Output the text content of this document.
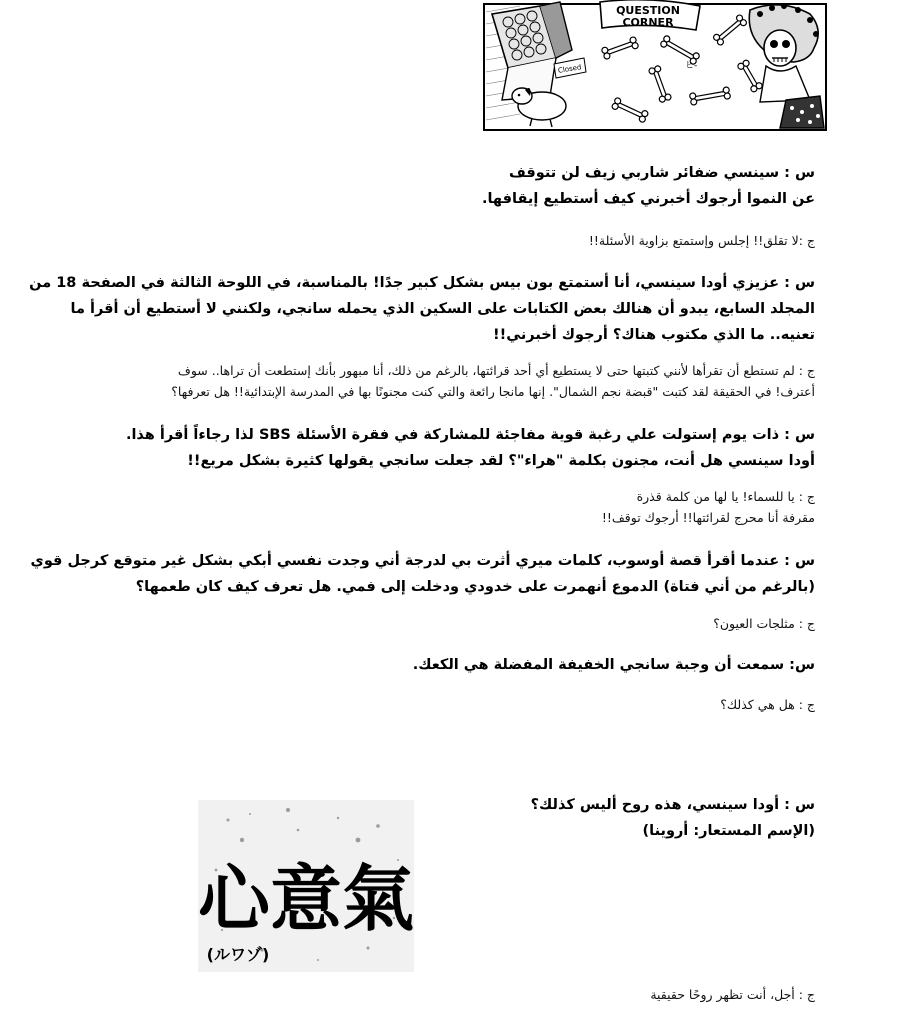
Closed
QUESTION
CORNER
ヒ-

س : سينسي ضفائر شاربي زيف لن تتوقف
عن النموا أرجوك أخبرني كيف أستطيع إيقافها.

ج :لا تقلق!! إجلس وإستمتع بزاوية الأسئلة!!

س : عزيزي أودا سينسي، أنا أستمتع بون بيس بشكل كبير جدًا! بالمناسبة، في اللوحة الثالثة في الصفحة 18 من
المجلد السابع، يبدو أن هنالك بعض الكتابات على السكين الذي يحمله سانجي، ولكنني لا أستطيع أن أقرأ ما
تعنيه.. ما الذي مكتوب هناك؟ أرجوك أخبرني!!

ج : لم تستطع أن تقرأها لأنني كتبتها حتى لا يستطيع أي أحد قرائتها، بالرغم من ذلك، أنا مبهور بأنك إستطعت أن تراها.. سوف
أعترف! في الحقيقة لقد كتبت "قبضة نجم الشمال". إنها مانجا رائعة والتي كنت مجنونًا بها في المدرسة الإبتدائية!! هل تعرفها؟

س : ذات يوم إستولت علي رغبة قوية مفاجئة للمشاركة في فقرة الأسئلة SBS لذا رجاءاً أقرأ هذا.
أودا سينسي هل أنت، مجنون بكلمة "هراء"؟ لقد جعلت سانجي يقولها كثيرة بشكل مريع!!

ج : يا للسماء! يا لها من كلمة قذرة
مقرفة أنا محرج لقرائتها!! أرجوك توقف!!

س : عندما أقرأ قصة أوسوب، كلمات ميري أثرت بي لدرجة أني وجدت نفسي أبكي بشكل غير متوقع كرجل قوي
(بالرغم من أني فتاة) الدموع أنهمرت على خدودي ودخلت إلى فمي. هل تعرف كيف كان طعمها؟

ج : مثلجات العيون؟

س: سمعت أن وجبة سانجي الخفيفة المفضلة هي الكعك.

ج : هل هي كذلك؟

س : أودا سينسي، هذه روح أليس كذلك؟
(الإسم المستعار: أروينا)

心意氣
(ルワゾ)

ج : أجل، أنت تظهر روحًا حقيقية
